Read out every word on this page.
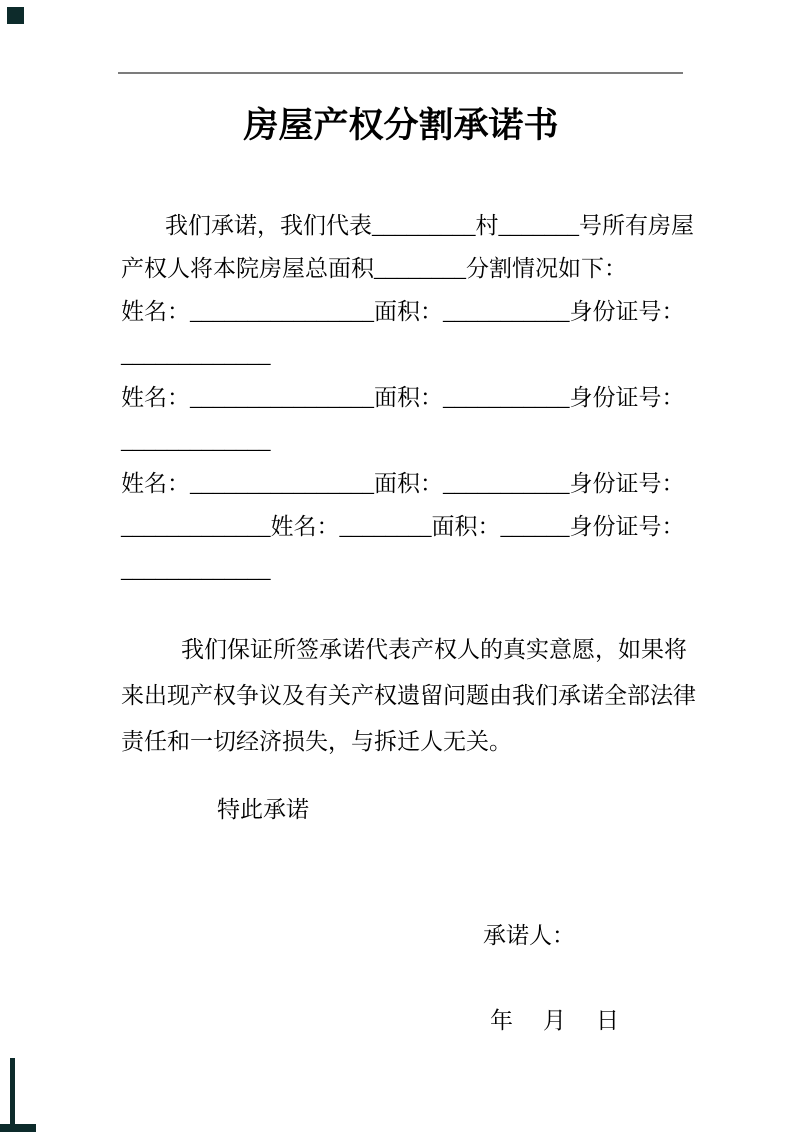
房屋产权分割承诺书
我们承诺，我们代表_________村_______号所有房屋
产权人将本院房屋总面积________分割情况如下：
姓名：________________面积：___________身份证号：
_____________
姓名：________________面积：___________身份证号：
_____________
姓名：________________面积：___________身份证号：
_____________姓名：________面积：______身份证号：
_____________
我们保证所签承诺代表产权人的真实意愿，如果将
来出现产权争议及有关产权遗留问题由我们承诺全部法律
责任和一切经济损失，与拆迁人无关。
特此承诺
承诺人：
年　月　日
